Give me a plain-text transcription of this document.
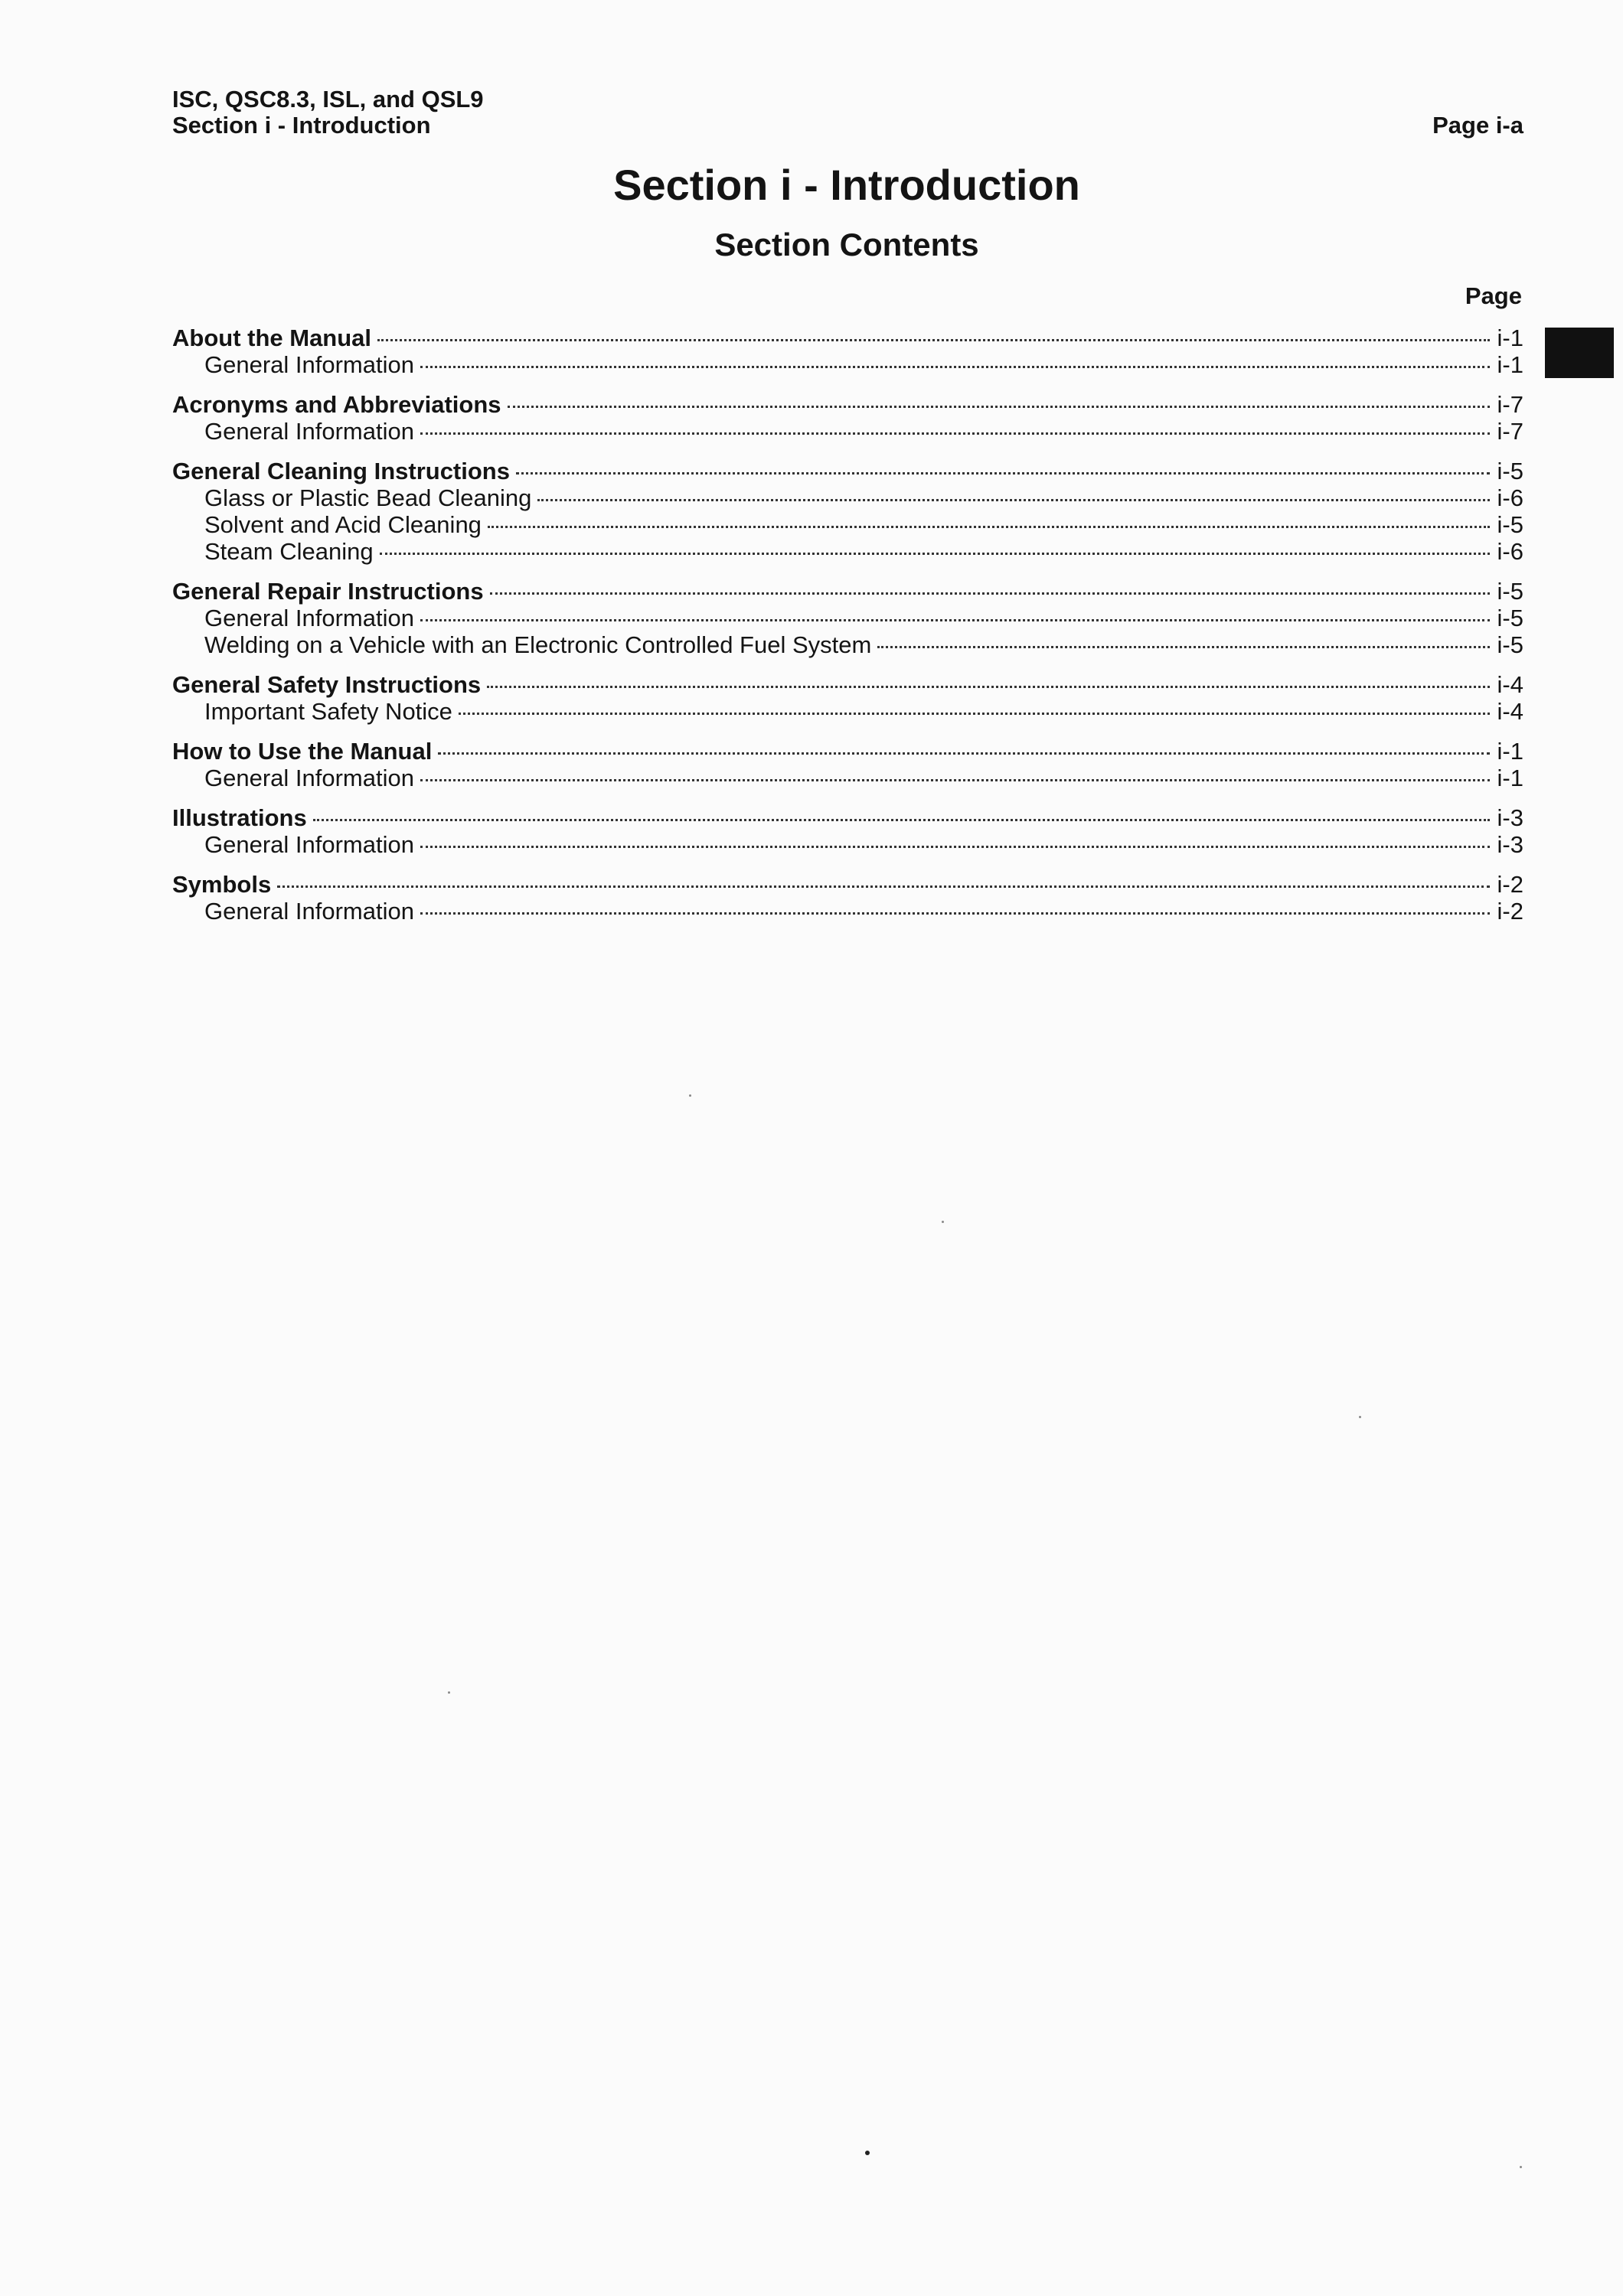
ISC, QSC8.3, ISL, and QSL9
Section i - Introduction	Page i-a
Section i - Introduction
Section Contents
Page
About the Manual	i-1
General Information	i-1
Acronyms and Abbreviations	i-7
General Information	i-7
General Cleaning Instructions	i-5
Glass or Plastic Bead Cleaning	i-6
Solvent and Acid Cleaning	i-5
Steam Cleaning	i-6
General Repair Instructions	i-5
General Information	i-5
Welding on a Vehicle with an Electronic Controlled Fuel System	i-5
General Safety Instructions	i-4
Important Safety Notice	i-4
How to Use the Manual	i-1
General Information	i-1
Illustrations	i-3
General Information	i-3
Symbols	i-2
General Information	i-2
